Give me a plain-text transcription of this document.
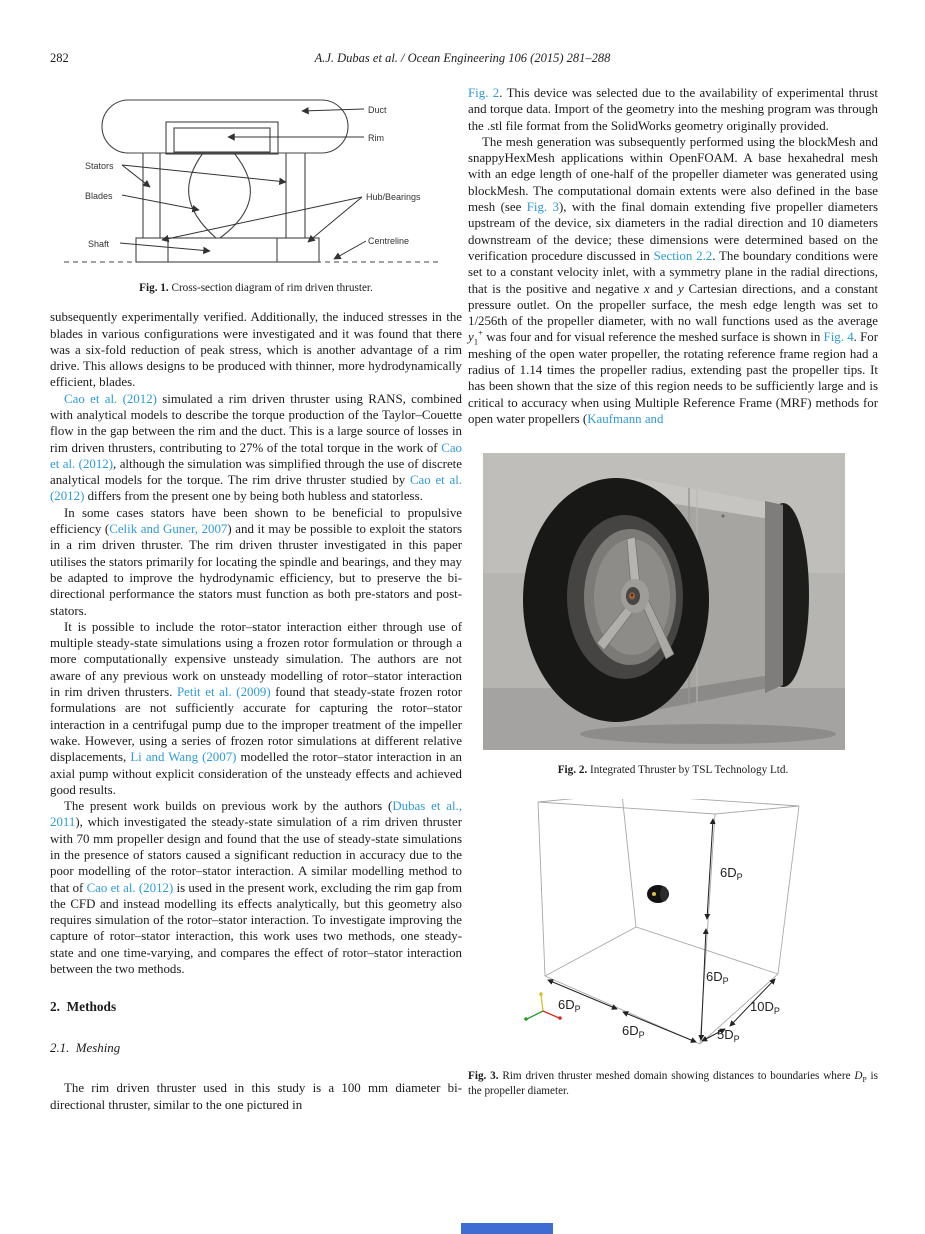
282	A.J. Dubas et al. / Ocean Engineering 106 (2015) 281–288
Duct
Rim
Stators
Blades	Hub/Bearings
Shaft	Centreline
Fig. 1. Cross-section diagram of rim driven thruster.

subsequently experimentally verified. Additionally, the induced stresses in the blades in various configurations were investigated and it was found that there was a six-fold reduction of peak stress, which is another advantage of a rim drive. This allows designs to be produced with thinner, more hydrodynamically efficient, blades.

Cao et al. (2012) simulated a rim driven thruster using RANS, combined with analytical models to describe the torque production of the Taylor–Couette flow in the gap between the rim and the duct. This is a large source of losses in rim driven thrusters, contributing to 27% of the total torque in the work of Cao et al. (2012), although the simulation was simplified through the use of discrete analytical models for the torque. The rim drive thruster studied by Cao et al. (2012) differs from the present one by being both hubless and statorless.

In some cases stators have been shown to be beneficial to propulsive efficiency (Celik and Guner, 2007) and it may be possible to exploit the stators in a rim driven thruster. The rim driven thruster investigated in this paper utilises the stators primarily for locating the spindle and bearings, and they may be adapted to improve the hydrodynamic efficiency, but to preserve the bi-directional performance the stators must function as both pre-stators and post-stators.

It is possible to include the rotor–stator interaction either through use of multiple steady-state simulations using a frozen rotor formulation or through a more computationally expensive unsteady simulation. The authors are not aware of any previous work on unsteady modelling of rotor–stator interaction in rim driven thrusters. Petit et al. (2009) found that steady-state frozen rotor formulations are not sufficiently accurate for capturing the rotor–stator interaction in a centrifugal pump due to the improper treatment of the impeller wake. However, using a series of frozen rotor simulations at different relative displacements, Li and Wang (2007) modelled the rotor–stator interaction in an axial pump without explicit consideration of the unsteady effects and achieved good results.

The present work builds on previous work by the authors (Dubas et al., 2011), which investigated the steady-state simulation of a rim driven thruster with 70 mm propeller design and found that the use of steady-state simulations in the presence of stators caused a significant reduction in accuracy due to the poor modelling of the rotor–stator interaction. A similar modelling method to that of Cao et al. (2012) is used in the present work, excluding the rim gap from the CFD and instead modelling its effects analytically, but this geometry also requires simulation of the rotor–stator interaction. To investigate improving the capture of rotor–stator interaction, this work uses two methods, one steady-state and one time-varying, and compares the effect of rotor–stator interaction between the two methods.

2.  Methods
2.1.  Meshing

The rim driven thruster used in this study is a 100 mm diameter bi-directional thruster, similar to the one pictured in

Fig. 2. This device was selected due to the availability of experimental thrust and torque data. Import of the geometry into the meshing program was through the .stl file format from the SolidWorks geometry originally provided.

The mesh generation was subsequently performed using the blockMesh and snappyHexMesh applications within OpenFOAM. A base hexahedral mesh with an edge length of one-half of the propeller diameter was generated using blockMesh. The computational domain extents were also defined in the base mesh (see Fig. 3), with the final domain extending five propeller diameters upstream of the device, six diameters in the radial direction and 10 diameters downstream of the device; these dimensions were determined based on the verification procedure discussed in Section 2.2. The boundary conditions were set to a constant velocity inlet, with a symmetry plane in the radial directions, that is the positive and negative x and y Cartesian directions, and a constant pressure outlet. On the propeller surface, the mesh edge length was set to 1/256th of the propeller diameter, with no wall functions used as the average $y_1^+$ was four and for visual reference the meshed surface is shown in Fig. 4. For meshing of the open water propeller, the rotating reference frame region had a radius of 1.14 times the propeller radius, extending past the propeller tips. It has been shown that the size of this region needs to be sufficiently large and is critical to accuracy when using Multiple Reference Frame (MRF) methods for open water propellers (Kaufmann and

Fig. 2. Integrated Thruster by TSL Technology Ltd.
$6D_P$
$6D_P$
$6D_P$
$6D_P$
$10D_P$
$5D_P$
Fig. 3. Rim driven thruster meshed domain showing distances to boundaries where $D_P$ is the propeller diameter.
